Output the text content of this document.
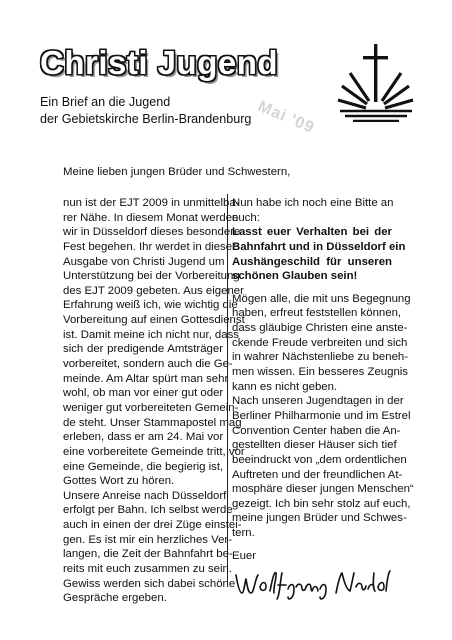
Christi Jugend
Ein Brief an die Jugend
der Gebietskirche Berlin-Brandenburg Mai '09
Meine lieben jungen Brüder und Schwestern,
nun ist der EJT 2009 in unmittelba-
rer Nähe. In diesem Monat werden
wir in Düsseldorf dieses besondere
Fest begehen. Ihr werdet in dieser
Ausgabe von Christi Jugend um
Unterstützung bei der Vorbereitung
des EJT 2009 gebeten. Aus eigener
Erfahrung weiß ich, wie wichtig die
Vorbereitung auf einen Gottesdienst
ist. Damit meine ich nicht nur, dass
sich der predigende Amtsträger
vorbereitet, sondern auch die Ge-
meinde. Am Altar spürt man sehr
wohl, ob man vor einer gut oder
weniger gut vorbereiteten Gemein-
de steht. Unser Stammapostel mag
erleben, dass er am 24. Mai vor
eine vorbereitete Gemeinde tritt, vor
eine Gemeinde, die begierig ist,
Gottes Wort zu hören.
Unsere Anreise nach Düsseldorf
erfolgt per Bahn. Ich selbst werde
auch in einen der drei Züge einstei-
gen. Es ist mir ein herzliches Ver-
langen, die Zeit der Bahnfahrt be-
reits mit euch zusammen zu sein.
Gewiss werden sich dabei schöne
Gespräche ergeben.
Nun habe ich noch eine Bitte an
euch:
Lasst euer Verhalten bei der
Bahnfahrt und in Düsseldorf ein
Aushängeschild für unseren
schönen Glauben sein!
Mögen alle, die mit uns Begegnung
haben, erfreut feststellen können,
dass gläubige Christen eine anste-
ckende Freude verbreiten und sich
in wahrer Nächstenliebe zu beneh-
men wissen. Ein besseres Zeugnis
kann es nicht geben.
Nach unseren Jugendtagen in der
Berliner Philharmonie und im Estrel
Convention Center haben die An-
gestellten dieser Häuser sich tief
beeindruckt von „dem ordentlichen
Auftreten und der freundlichen At-
mosphäre dieser jungen Menschen“
gezeigt. Ich bin sehr stolz auf euch,
meine jungen Brüder und Schwes-
tern.
Euer
